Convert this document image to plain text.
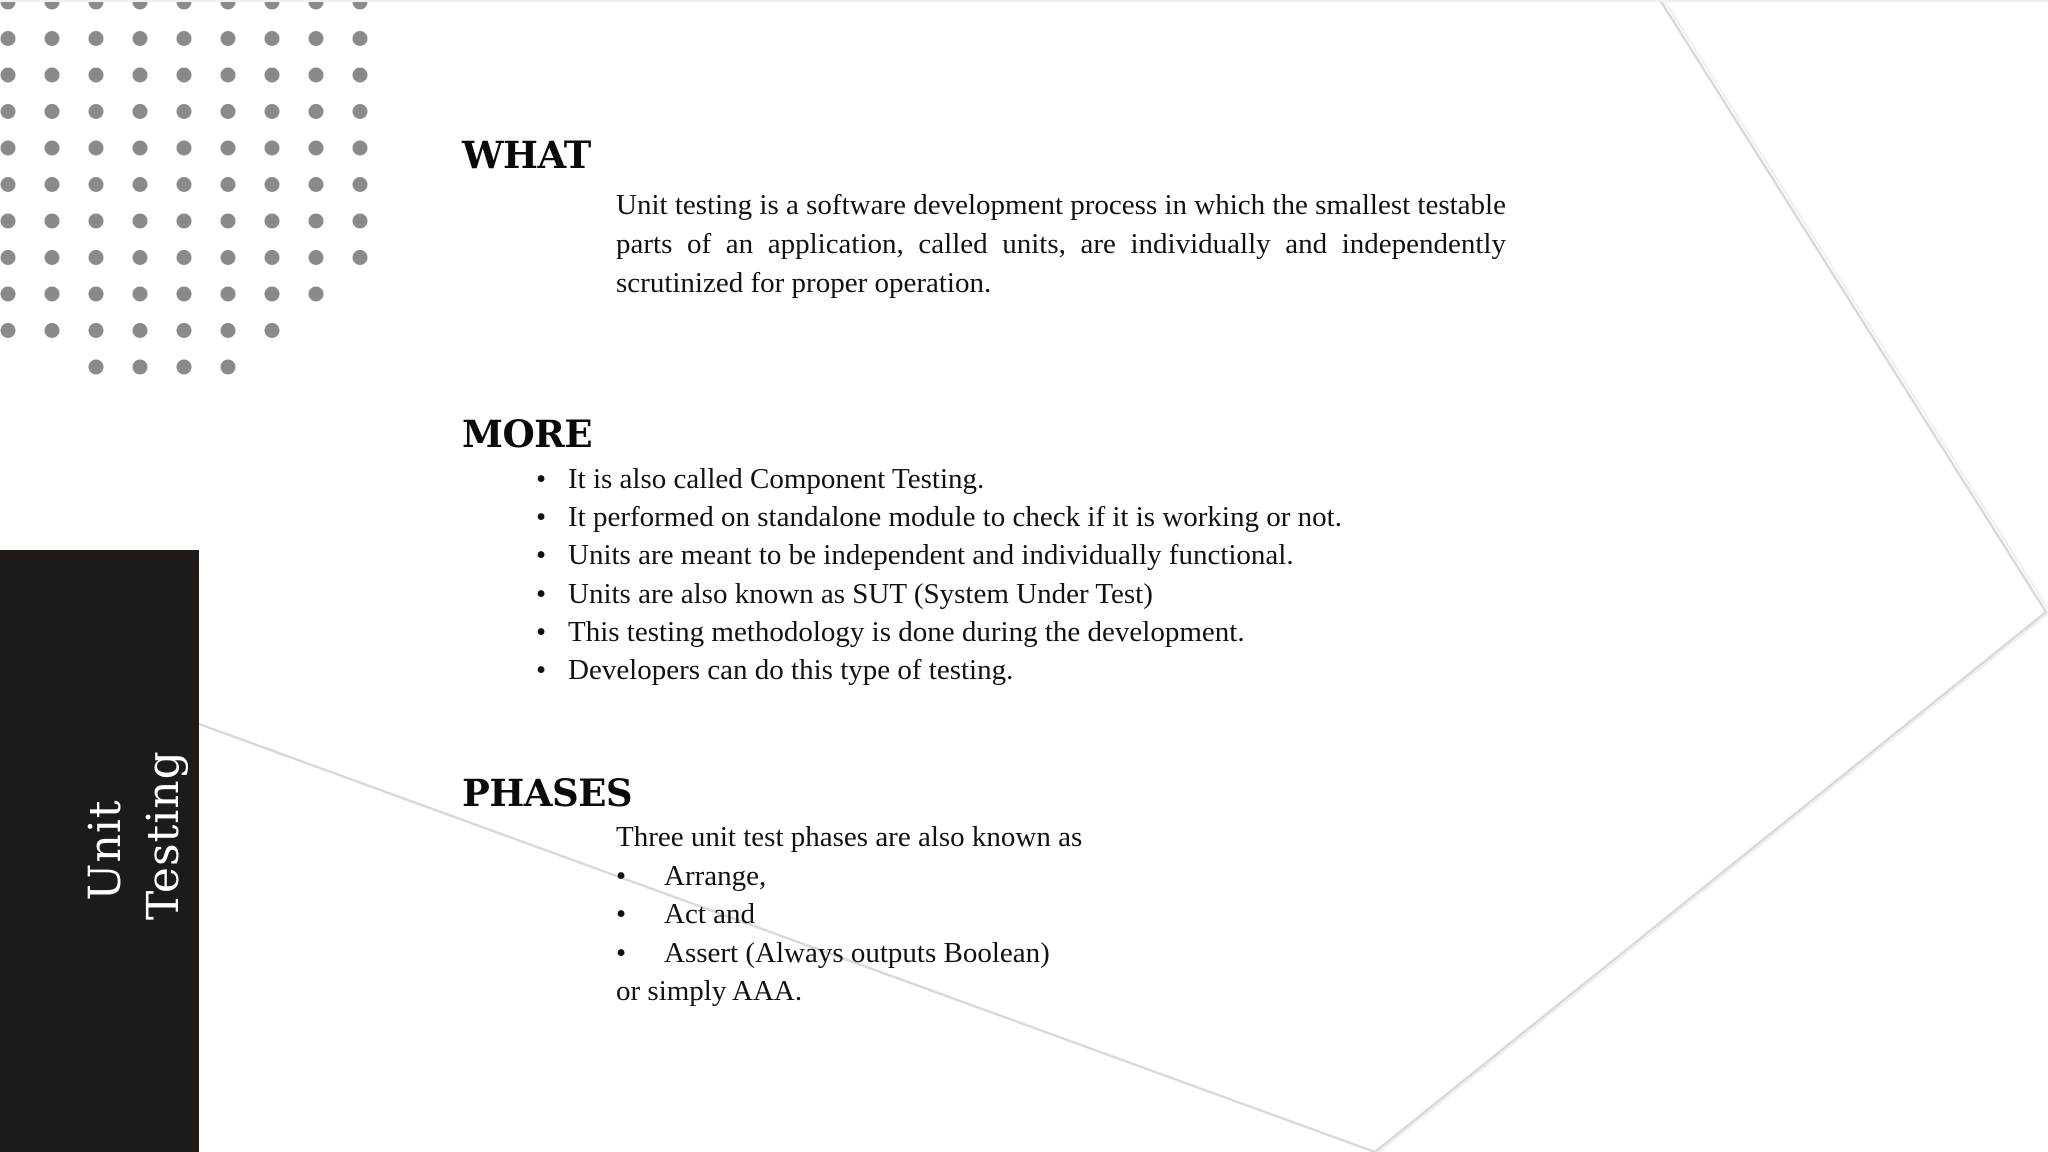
Unit Testing
WHAT

Unit testing is a software development process in which the smallest testable parts of an application, called units, are individually and independently scrutinized for proper operation.

MORE
• It is also called Component Testing.
• It performed on standalone module to check if it is working or not.
• Units are meant to be independent and individually functional.
• Units are also known as SUT (System Under Test)
• This testing methodology is done during the development.
• Developers can do this type of testing.
PHASES
Three unit test phases are also known as
• Arrange,
• Act and
• Assert (Always outputs Boolean)
or simply AAA.
